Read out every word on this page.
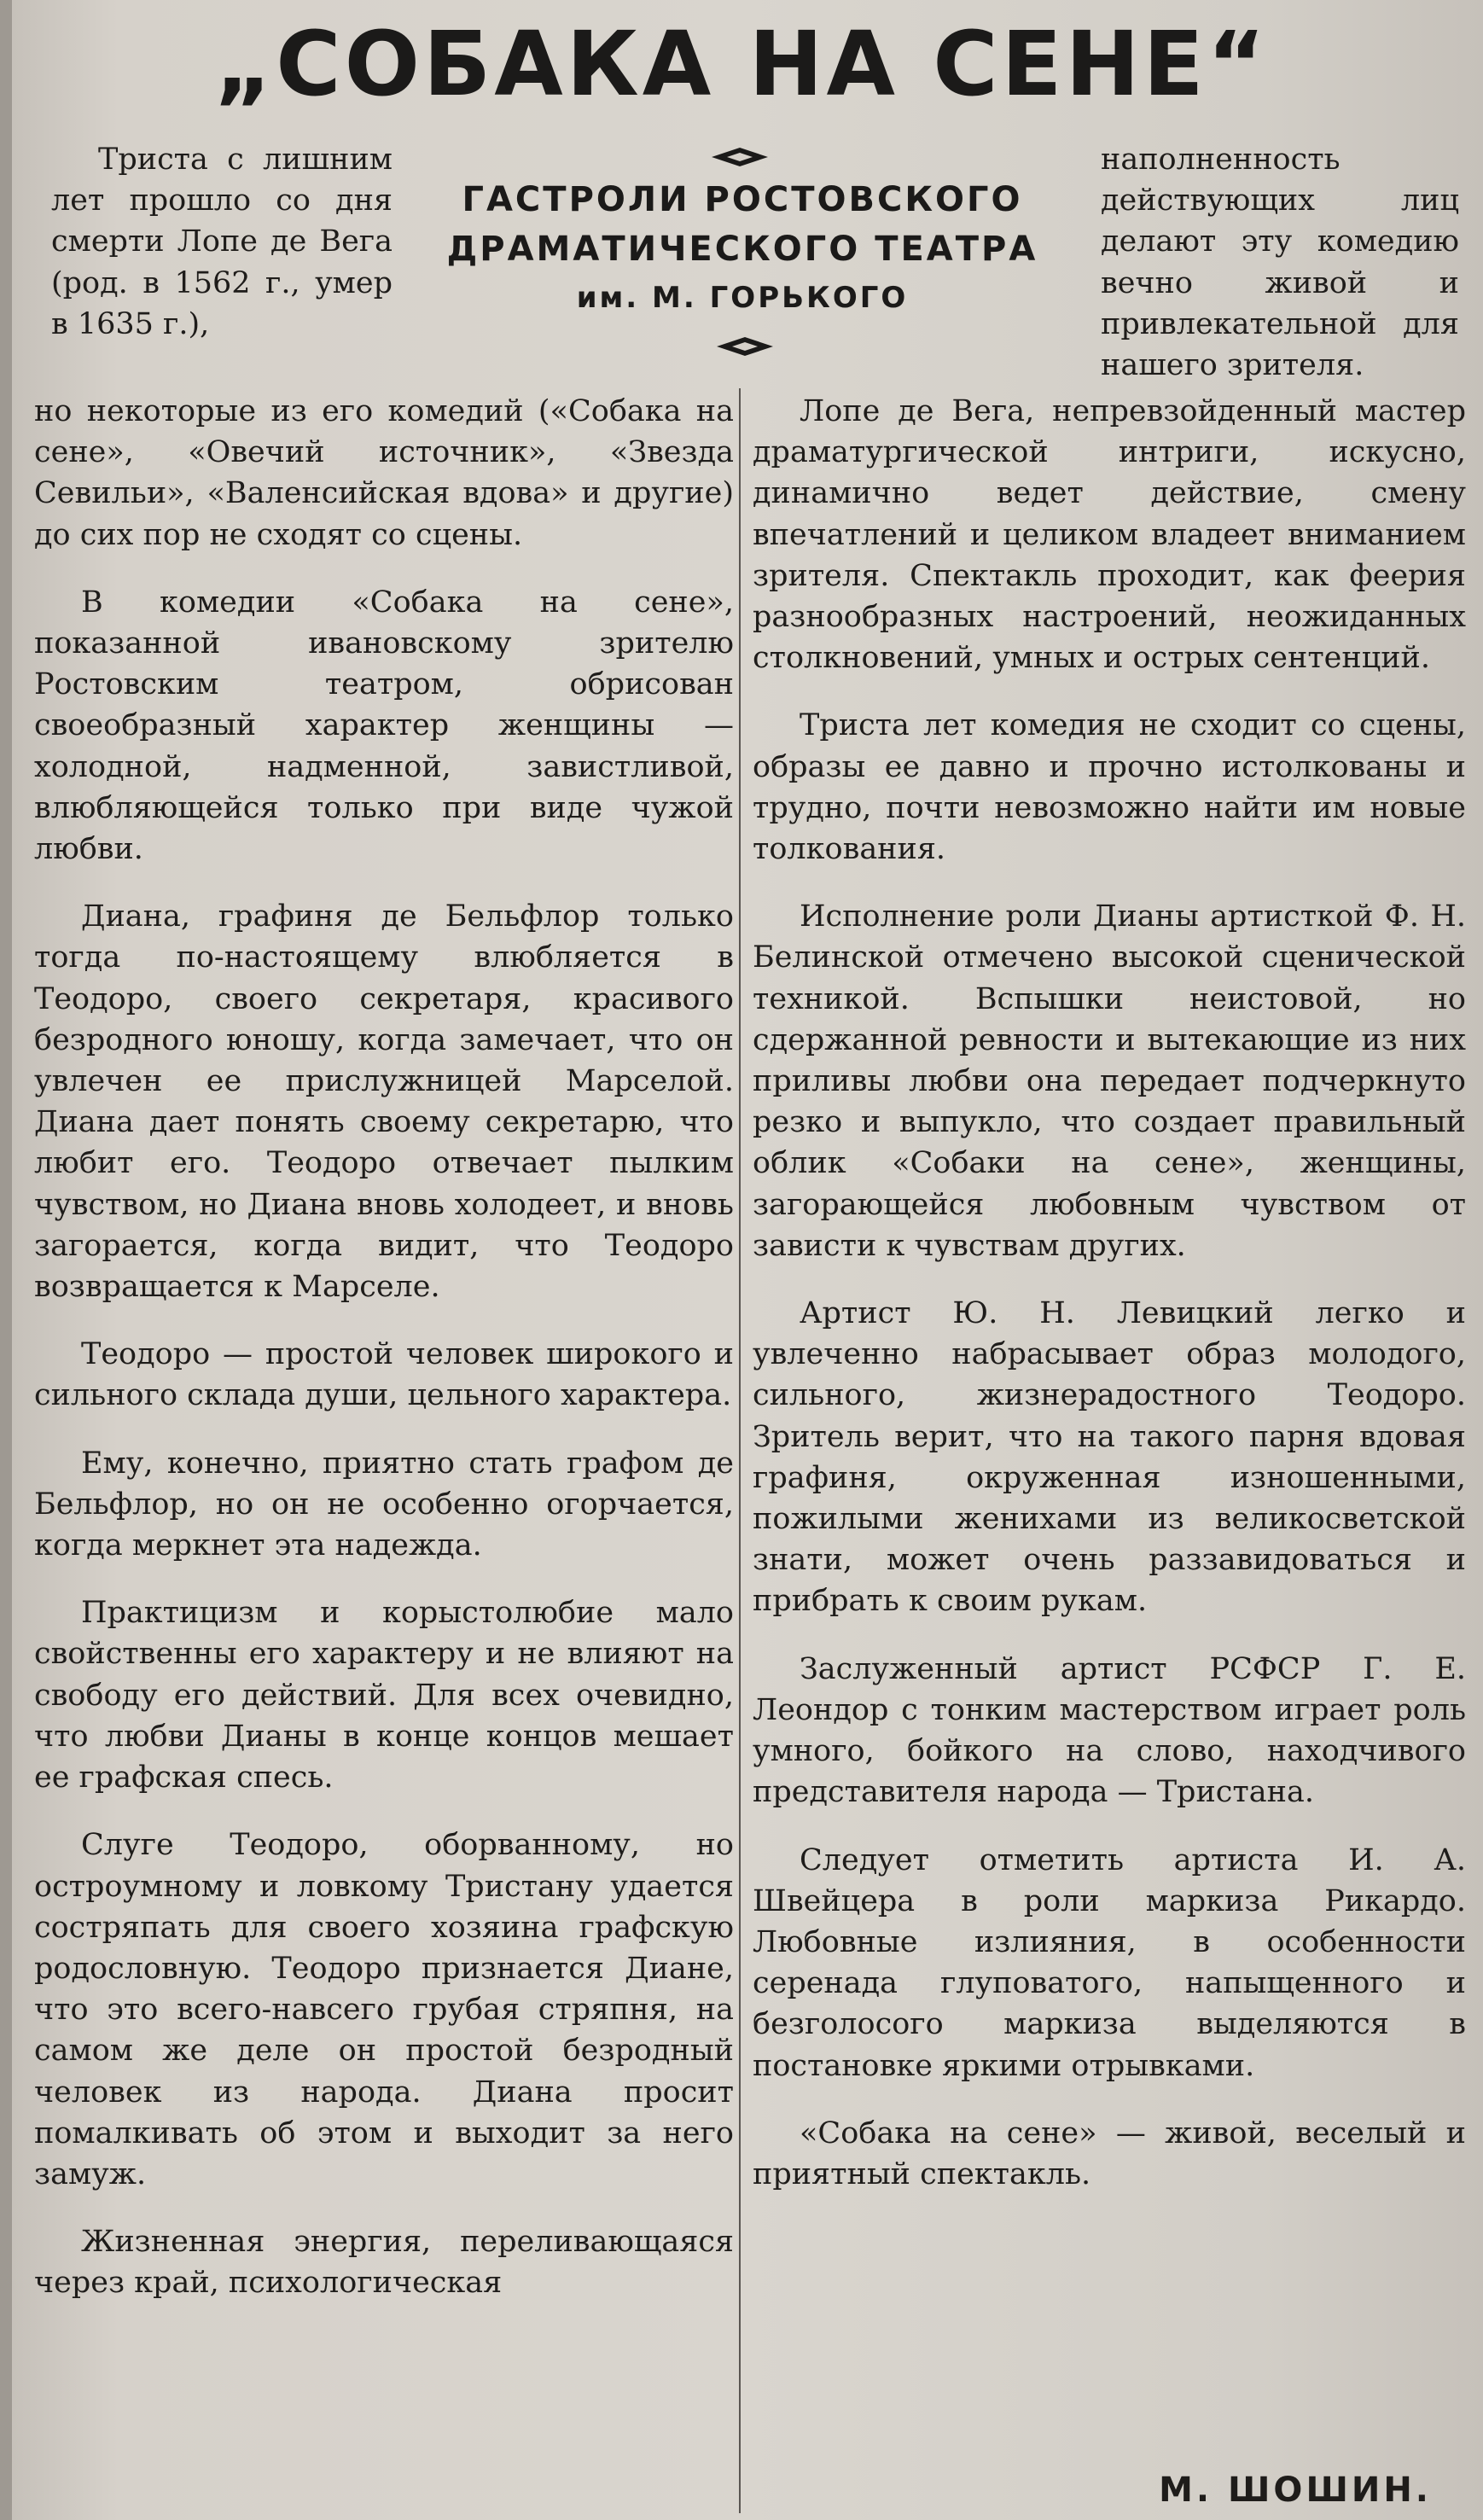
„СОБАКА НА СЕНЕ“
ГАСТРОЛИ РОСТОВСКОГО
ДРАМАТИЧЕСКОГО ТЕАТРА
им. М. ГОРЬКОГО

Триста с лишним лет прошло со дня смерти Лопе де Вега (род. в 1562 г., умер в 1635 г.),

наполненность действующих лиц делают эту комедию вечно живой и привлекательной для нашего зрителя.

но некоторые из его комедий («Собака на сене», «Овечий источник», «Звезда Севильи», «Валенсийская вдова» и другие) до сих пор не сходят со сцены.

В комедии «Собака на сене», показанной ивановскому зрителю Ростовским театром, обрисован своеобразный характер женщины — холодной, надменной, завистливой, влюбляющейся только при виде чужой любви.

Диана, графиня де Бельфлор только тогда по-настоящему влюбляется в Теодоро, своего секретаря, красивого безродного юношу, когда замечает, что он увлечен ее прислужницей Марселой. Диана дает понять своему секретарю, что любит его. Теодоро отвечает пылким чувством, но Диана вновь холодеет, и вновь загорается, когда видит, что Теодоро возвращается к Марселе.

Теодоро — простой человек широкого и сильного склада души, цельного характера.

Ему, конечно, приятно стать графом де Бельфлор, но он не особенно огорчается, когда меркнет эта надежда.

Практицизм и корыстолюбие мало свойственны его характеру и не влияют на свободу его действий. Для всех очевидно, что любви Дианы в конце концов мешает ее графская спесь.

Слуге Теодоро, оборванному, но остроумному и ловкому Тристану удается состряпать для своего хозяина графскую родословную. Теодоро признается Диане, что это всего-навсего грубая стряпня, на самом же деле он простой безродный человек из народа. Диана просит помалкивать об этом и выходит за него замуж.

Жизненная энергия, переливающаяся через край, психологическая

Лопе де Вега, непревзойденный мастер драматургической интриги, искусно, динамично ведет действие, смену впечатлений и целиком владеет вниманием зрителя. Спектакль проходит, как феерия разнообразных настроений, неожиданных столкновений, умных и острых сентенций.

Триста лет комедия не сходит со сцены, образы ее давно и прочно истолкованы и трудно, почти невозможно найти им новые толкования.

Исполнение роли Дианы артисткой Ф. Н. Белинской отмечено высокой сценической техникой. Вспышки неистовой, но сдержанной ревности и вытекающие из них приливы любви она передает подчеркнуто резко и выпукло, что создает правильный облик «Собаки на сене», женщины, загорающейся любовным чувством от зависти к чувствам других.

Артист Ю. Н. Левицкий легко и увлеченно набрасывает образ молодого, сильного, жизнерадостного Теодоро. Зритель верит, что на такого парня вдовая графиня, окруженная изношенными, пожилыми женихами из великосветской знати, может очень раззавидоваться и прибрать к своим рукам.

Заслуженный артист РСФСР Г. Е. Леондор с тонким мастерством играет роль умного, бойкого на слово, находчивого представителя народа — Тристана.

Следует отметить артиста И. А. Швейцера в роли маркиза Рикардо. Любовные излияния, в особенности серенада глуповатого, напыщенного и безголосого маркиза выделяются в постановке яркими отрывками.

«Собака на сене» — живой, веселый и приятный спектакль.

М. ШОШИН.
